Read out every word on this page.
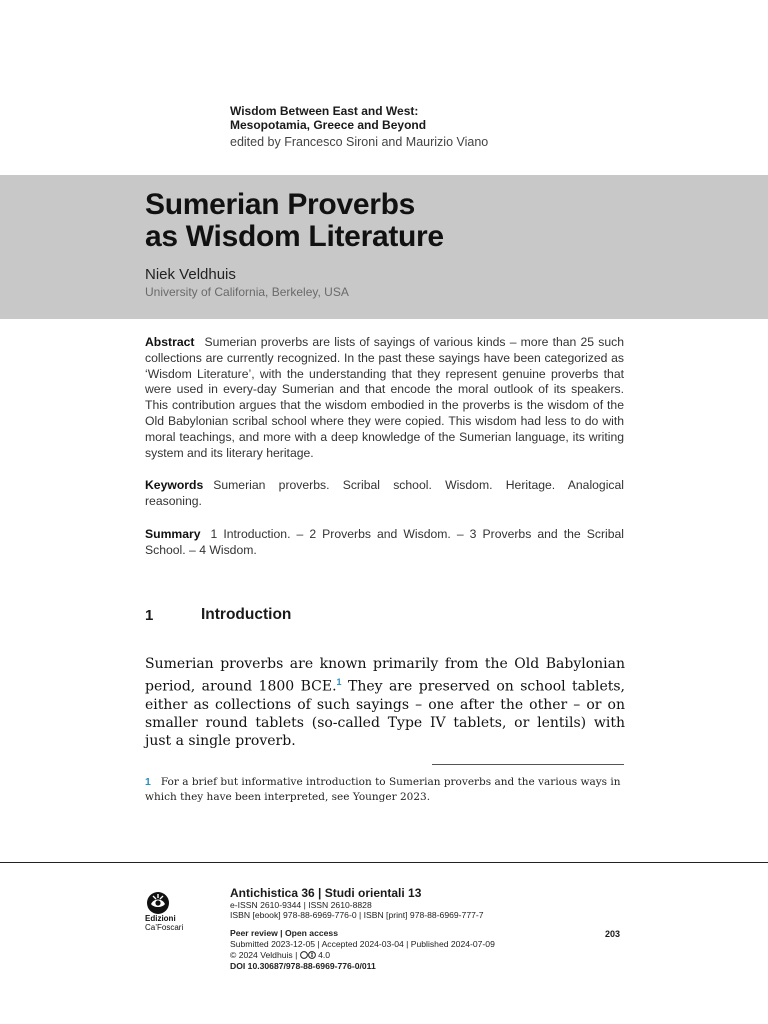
Wisdom Between East and West:
Mesopotamia, Greece and Beyond
edited by Francesco Sironi and Maurizio Viano
Sumerian Proverbs
as Wisdom Literature
Niek Veldhuis
University of California, Berkeley, USA
Abstract Sumerian proverbs are lists of sayings of various kinds – more than 25 such collections are currently recognized. In the past these sayings have been categorized as ‘Wisdom Literature’, with the understanding that they represent genuine proverbs that were used in every-day Sumerian and that encode the moral outlook of its speakers. This contribution argues that the wisdom embodied in the proverbs is the wisdom of the Old Babylonian scribal school where they were copied. This wisdom had less to do with moral teachings, and more with a deep knowledge of the Sumerian language, its writing system and its literary heritage.
Keywords Sumerian proverbs. Scribal school. Wisdom. Heritage. Analogical reasoning.
Summary 1 Introduction. – 2 Proverbs and Wisdom. – 3 Proverbs and the Scribal School. – 4 Wisdom.
1	Introduction
Sumerian proverbs are known primarily from the Old Babylonian period, around 1800 BCE.$^1$ They are preserved on school tablets, either as collections of such sayings – one after the other – or on smaller round tablets (so-called Type IV tablets, or lentils) with just a single proverb.
1 For a brief but informative introduction to Sumerian proverbs and the various ways in which they have been interpreted, see Younger 2023.
Edizioni
Ca’Foscari
Antichistica 36 | Studi orientali 13
e-ISSN 2610-9344 | ISSN 2610-8828
ISBN [ebook] 978-88-6969-776-0 | ISBN [print] 978-88-6969-777-7
Peer review | Open access
Submitted 2023-12-05 | Accepted 2024-03-04 | Published 2024-07-09
© 2024 Veldhuis |  4.0
DOI 10.30687/978-88-6969-776-0/011
203
